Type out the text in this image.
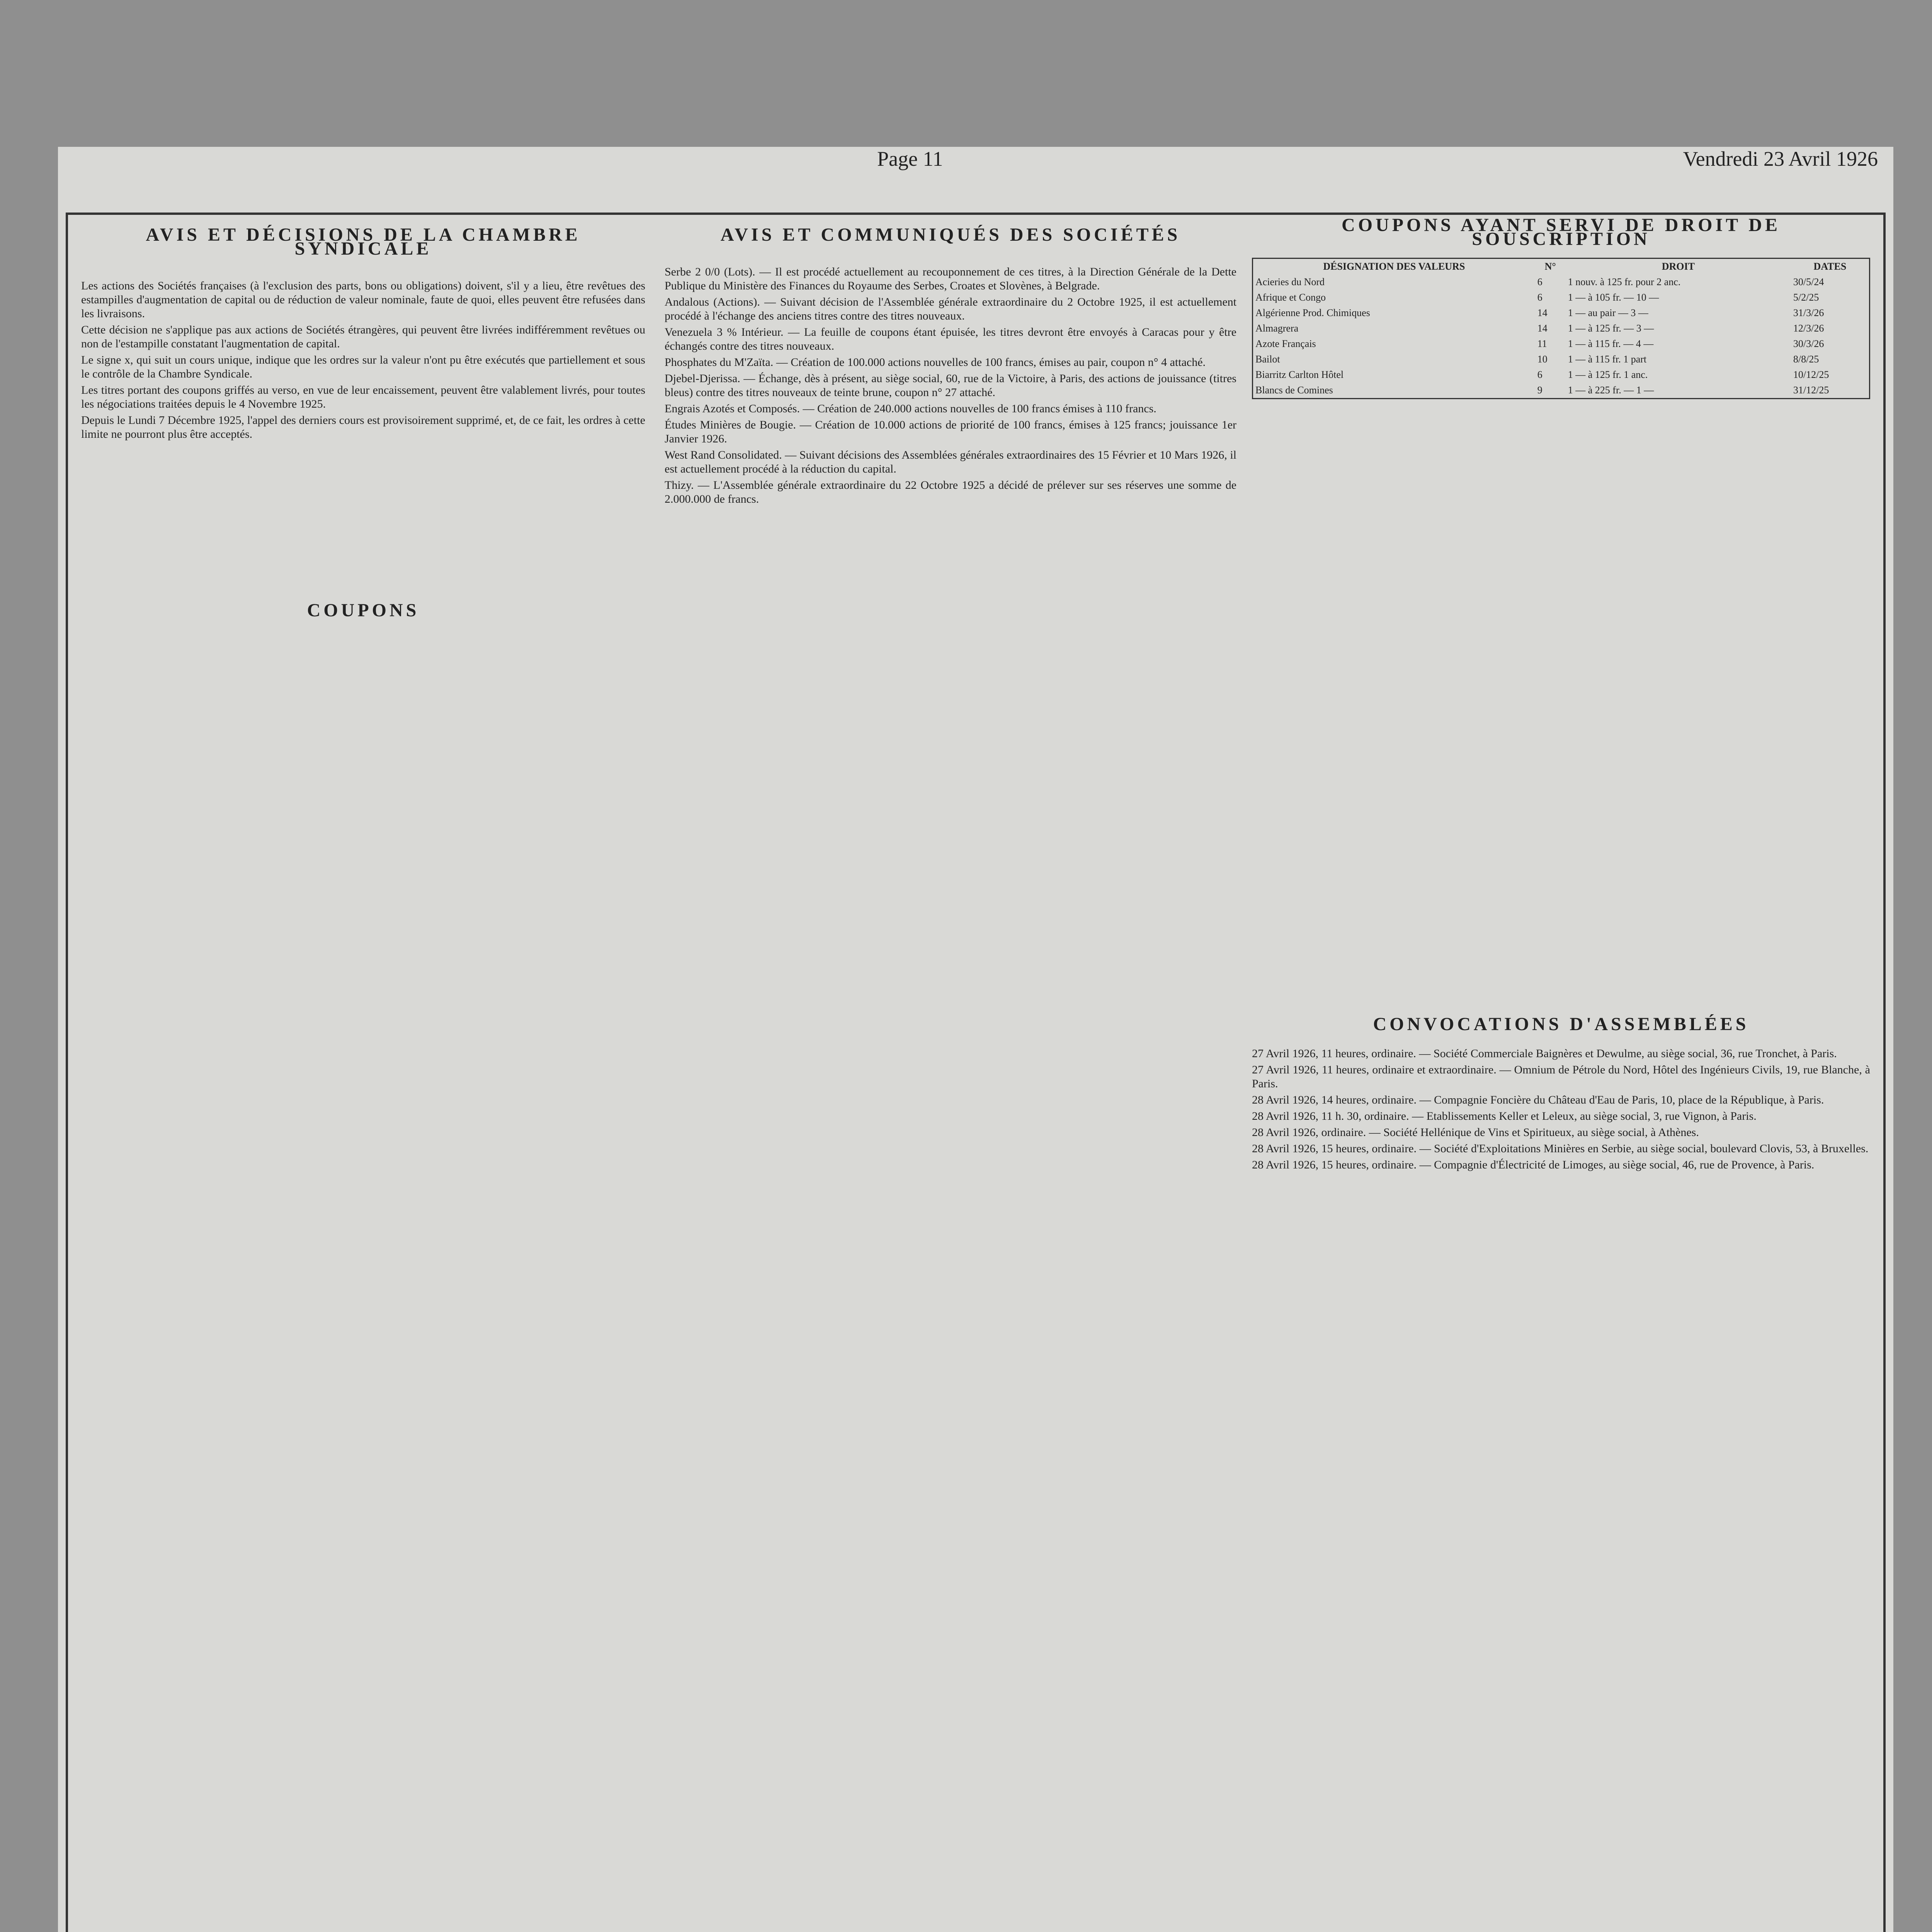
Page 11	Vendredi 23 Avril 1926
AVIS ET DÉCISIONS DE LA CHAMBRE SYNDICALE

Les actions des Sociétés françaises (à l'exclusion des parts, bons ou obligations) doivent, s'il y a lieu, être revêtues des estampilles d'augmentation de capital ou de réduction de valeur nominale, faute de quoi, elles peuvent être refusées dans les livraisons.

Cette décision ne s'applique pas aux actions de Sociétés étrangères, qui peuvent être livrées indifféremment revêtues ou non de l'estampille constatant l'augmentation de capital.

Le signe x, qui suit un cours unique, indique que les ordres sur la valeur n'ont pu être exécutés que partiellement et sous le contrôle de la Chambre Syndicale.

Les titres portant des coupons griffés au verso, en vue de leur encaissement, peuvent être valablement livrés, pour toutes les négociations traitées depuis le 4 Novembre 1925.

Depuis le Lundi 7 Décembre 1925, l'appel des derniers cours est provisoirement supprimé, et, de ce fait, les ordres à cette limite ne pourront plus être acceptés.

COUPONS
AVIS ET COMMUNIQUÉS DES SOCIÉTÉS

Serbe 2 0/0 (Lots). — Il est procédé actuellement au recouponnement de ces titres, à la Direction Générale de la Dette Publique du Ministère des Finances du Royaume des Serbes, Croates et Slovènes, à Belgrade.

Andalous (Actions). — Suivant décision de l'Assemblée générale extraordinaire du 2 Octobre 1925, il est actuellement procédé à l'échange des anciens titres contre des titres nouveaux.

Venezuela 3 % Intérieur. — La feuille de coupons étant épuisée, les titres devront être envoyés à Caracas pour y être échangés contre des titres nouveaux.

Phosphates du M'Zaïta. — Création de 100.000 actions nouvelles de 100 francs, émises au pair, coupon n° 4 attaché.

Djebel-Djerissa. — Échange, dès à présent, au siège social, 60, rue de la Victoire, à Paris, des actions de jouissance (titres bleus) contre des titres nouveaux de teinte brune, coupon n° 27 attaché.

Engrais Azotés et Composés. — Création de 240.000 actions nouvelles de 100 francs émises à 110 francs.

Études Minières de Bougie. — Création de 10.000 actions de priorité de 100 francs, émises à 125 francs; jouissance 1er Janvier 1926.

West Rand Consolidated. — Suivant décisions des Assemblées générales extraordinaires des 15 Février et 10 Mars 1926, il est actuellement procédé à la réduction du capital.

Thizy. — L'Assemblée générale extraordinaire du 22 Octobre 1925 a décidé de prélever sur ses réserves une somme de 2.000.000 de francs.

COUPONS AYANT SERVI DE DROIT DE SOUSCRIPTION
DÉSIGNATION DES VALEURS	N°	DROIT	DATES
Acieries du Nord	6	1 nouv. à 125 fr. pour 2 anc.	30/5/24
Afrique et Congo	6	1 — à 105 fr. — 10 —	5/2/25
Algérienne Prod. Chimiques	14	1 — au pair — 3 —	31/3/26
Almagrera	14	1 — à 125 fr. — 3 —	12/3/26
Azote Français	11	1 — à 115 fr. — 4 —	30/3/26
Bailot	10	1 — à 115 fr. 1 part	8/8/25
Biarritz Carlton Hôtel	6	1 — à 125 fr. 1 anc.	10/12/25
Blancs de Comines	9	1 — à 225 fr. — 1 —	31/12/25
CONVOCATIONS D'ASSEMBLÉES

27 Avril 1926, 11 heures, ordinaire. — Société Commerciale Baignères et Dewulme, au siège social, 36, rue Tronchet, à Paris.

27 Avril 1926, 11 heures, ordinaire et extraordinaire. — Omnium de Pétrole du Nord, Hôtel des Ingénieurs Civils, 19, rue Blanche, à Paris.

28 Avril 1926, 14 heures, ordinaire. — Compagnie Foncière du Château d'Eau de Paris, 10, place de la République, à Paris.

28 Avril 1926, 11 h. 30, ordinaire. — Etablissements Keller et Leleux, au siège social, 3, rue Vignon, à Paris.

28 Avril 1926, ordinaire. — Société Hellénique de Vins et Spiritueux, au siège social, à Athènes.

28 Avril 1926, 15 heures, ordinaire. — Société d'Exploitations Minières en Serbie, au siège social, boulevard Clovis, 53, à Bruxelles.

28 Avril 1926, 15 heures, ordinaire. — Compagnie d'Électricité de Limoges, au siège social, 46, rue de Provence, à Paris.
